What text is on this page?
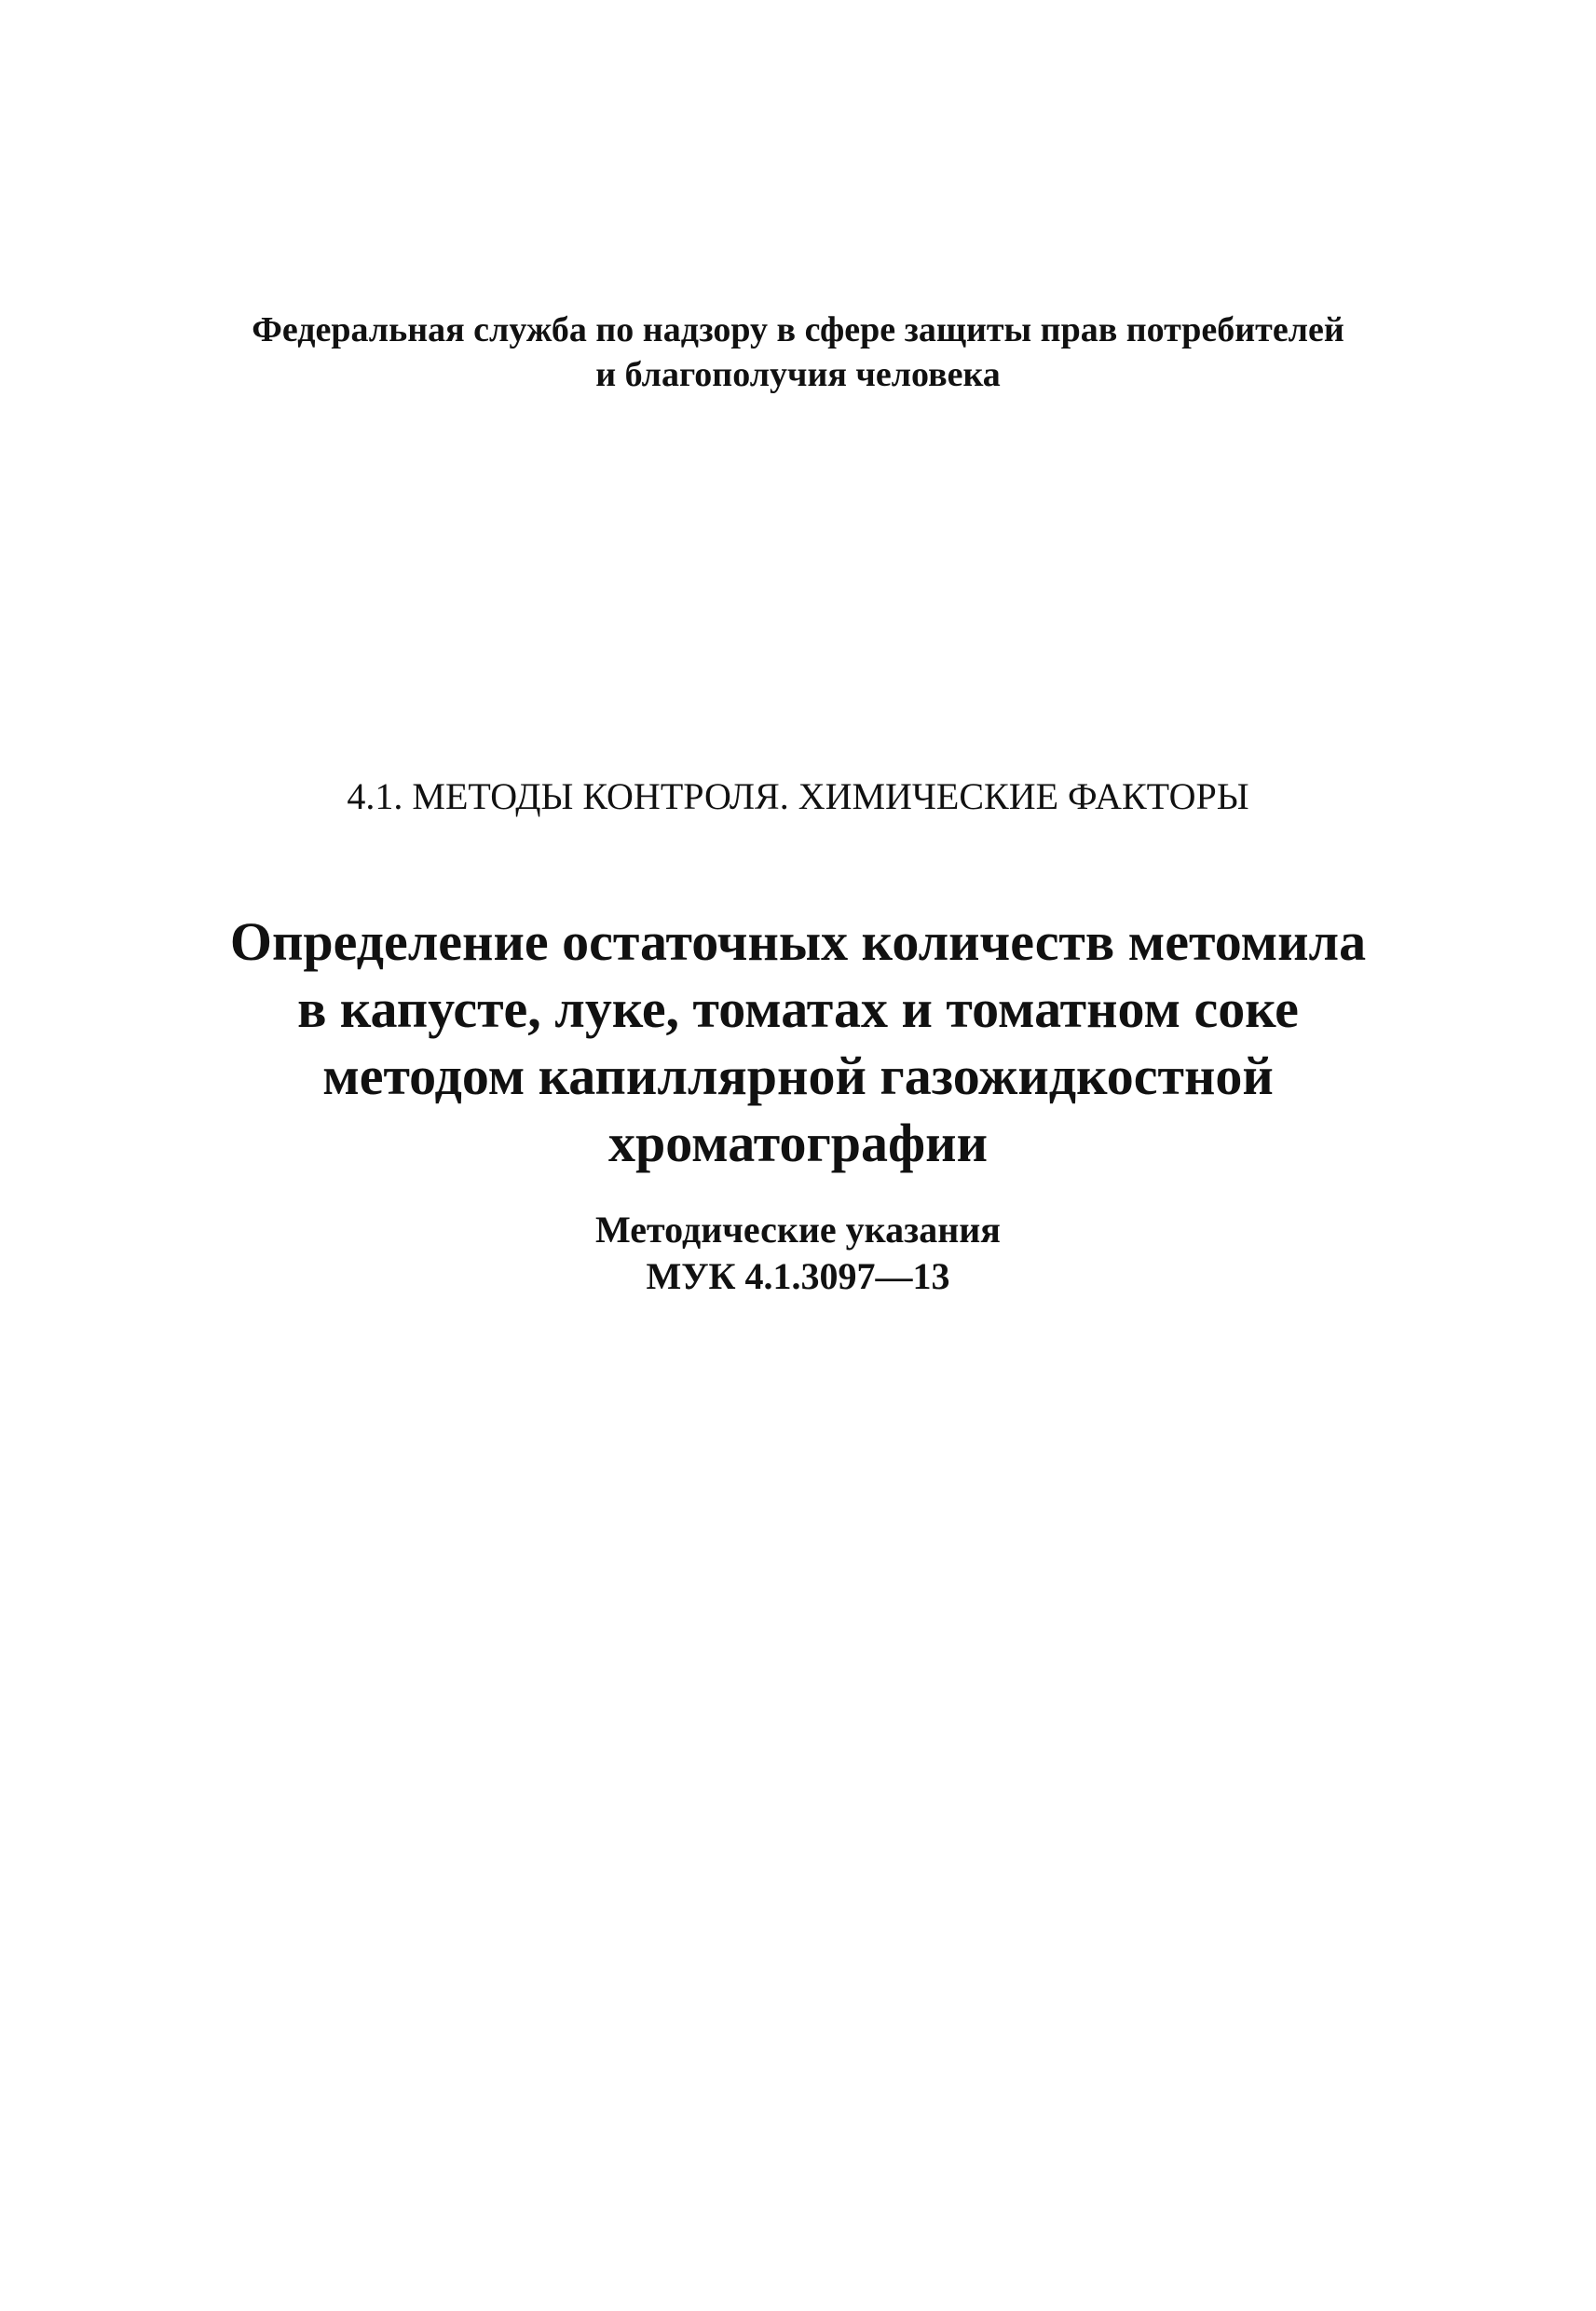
Федеральная служба по надзору в сфере защиты прав потребителей
и благополучия человека
4.1. МЕТОДЫ КОНТРОЛЯ. ХИМИЧЕСКИЕ ФАКТОРЫ
Определение остаточных количеств метомила
в капусте, луке, томатах и томатном соке
методом капиллярной газожидкостной
хроматографии
Методические указания
МУК 4.1.3097—13
